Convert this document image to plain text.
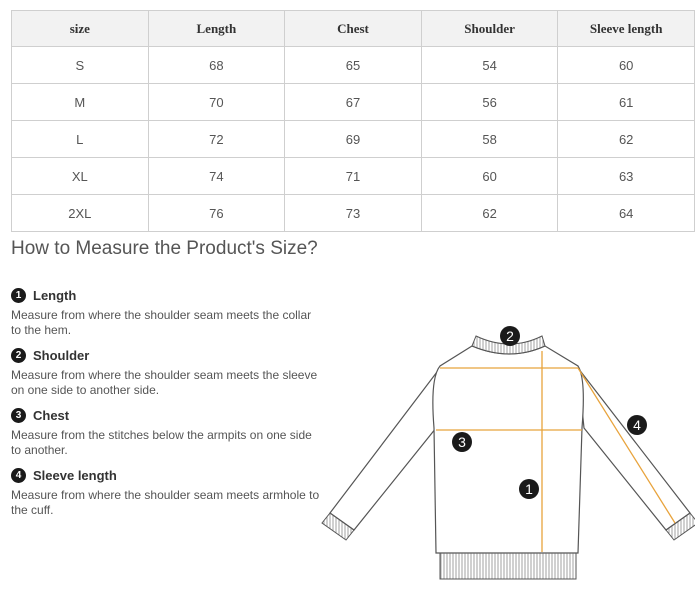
size	Length	Chest	Shoulder	Sleeve length
S	68	65	54	60
M	70	67	56	61
L	72	69	58	62
XL	74	71	60	63
2XL	76	73	62	64
How to Measure the Product's Size?
1 Length
Measure from where the shoulder seam meets the collar to the hem.
2 Shoulder
Measure from where the shoulder seam meets the sleeve on one side to another side.
3 Chest
Measure from the stitches below the armpits on one side to another.
4 Sleeve length
Measure from where the shoulder seam meets armhole to the cuff.
2
3
1
4
